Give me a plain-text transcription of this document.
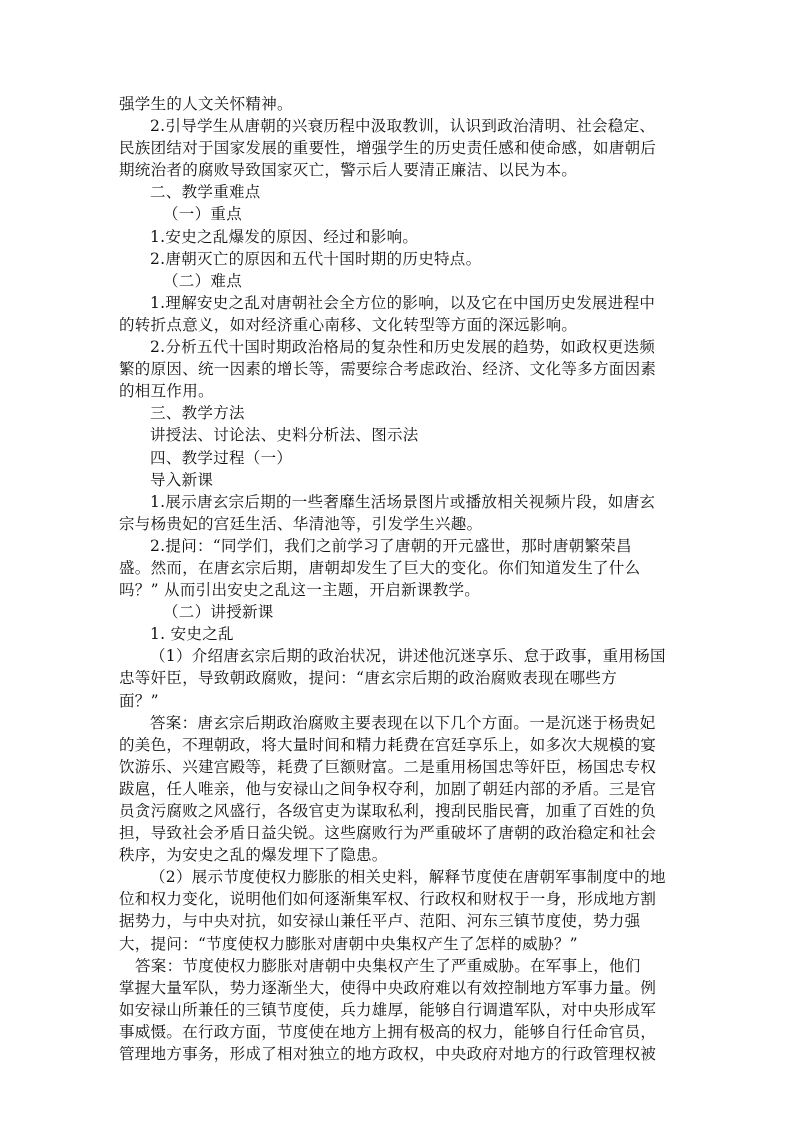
强学生的人文关怀精神。
2.引导学生从唐朝的兴衰历程中汲取教训，认识到政治清明、社会稳定、
民族团结对于国家发展的重要性，增强学生的历史责任感和使命感，如唐朝后
期统治者的腐败导致国家灭亡，警示后人要清正廉洁、以民为本。
二、教学重难点
（一）重点
1.安史之乱爆发的原因、经过和影响。
2.唐朝灭亡的原因和五代十国时期的历史特点。
（二）难点
1.理解安史之乱对唐朝社会全方位的影响，以及它在中国历史发展进程中
的转折点意义，如对经济重心南移、文化转型等方面的深远影响。
2.分析五代十国时期政治格局的复杂性和历史发展的趋势，如政权更迭频
繁的原因、统一因素的增长等，需要综合考虑政治、经济、文化等多方面因素
的相互作用。
三、教学方法
讲授法、讨论法、史料分析法、图示法
四、教学过程（一）
导入新课
1.展示唐玄宗后期的一些奢靡生活场景图片或播放相关视频片段，如唐玄
宗与杨贵妃的宫廷生活、华清池等，引发学生兴趣。
2.提问：“同学们，我们之前学习了唐朝的开元盛世，那时唐朝繁荣昌
盛。然而，在唐玄宗后期，唐朝却发生了巨大的变化。你们知道发生了什么
吗？” 从而引出安史之乱这一主题，开启新课教学。
（二）讲授新课
1. 安史之乱
（1）介绍唐玄宗后期的政治状况，讲述他沉迷享乐、怠于政事，重用杨国
忠等奸臣，导致朝政腐败，提问：“唐玄宗后期的政治腐败表现在哪些方
面？”
答案：唐玄宗后期政治腐败主要表现在以下几个方面。一是沉迷于杨贵妃
的美色，不理朝政，将大量时间和精力耗费在宫廷享乐上，如多次大规模的宴
饮游乐、兴建宫殿等，耗费了巨额财富。二是重用杨国忠等奸臣，杨国忠专权
跋扈，任人唯亲，他与安禄山之间争权夺利，加剧了朝廷内部的矛盾。三是官
员贪污腐败之风盛行，各级官吏为谋取私利，搜刮民脂民膏，加重了百姓的负
担，导致社会矛盾日益尖锐。这些腐败行为严重破坏了唐朝的政治稳定和社会
秩序，为安史之乱的爆发埋下了隐患。
（2）展示节度使权力膨胀的相关史料，解释节度使在唐朝军事制度中的地
位和权力变化，说明他们如何逐渐集军权、行政权和财权于一身，形成地方割
据势力，与中央对抗，如安禄山兼任平卢、范阳、河东三镇节度使，势力强
大，提问：“节度使权力膨胀对唐朝中央集权产生了怎样的威胁？”
答案：节度使权力膨胀对唐朝中央集权产生了严重威胁。在军事上，他们
掌握大量军队，势力逐渐坐大，使得中央政府难以有效控制地方军事力量。例
如安禄山所兼任的三镇节度使，兵力雄厚，能够自行调遣军队，对中央形成军
事威慑。在行政方面，节度使在地方上拥有极高的权力，能够自行任命官员，
管理地方事务，形成了相对独立的地方政权，中央政府对地方的行政管理权被
